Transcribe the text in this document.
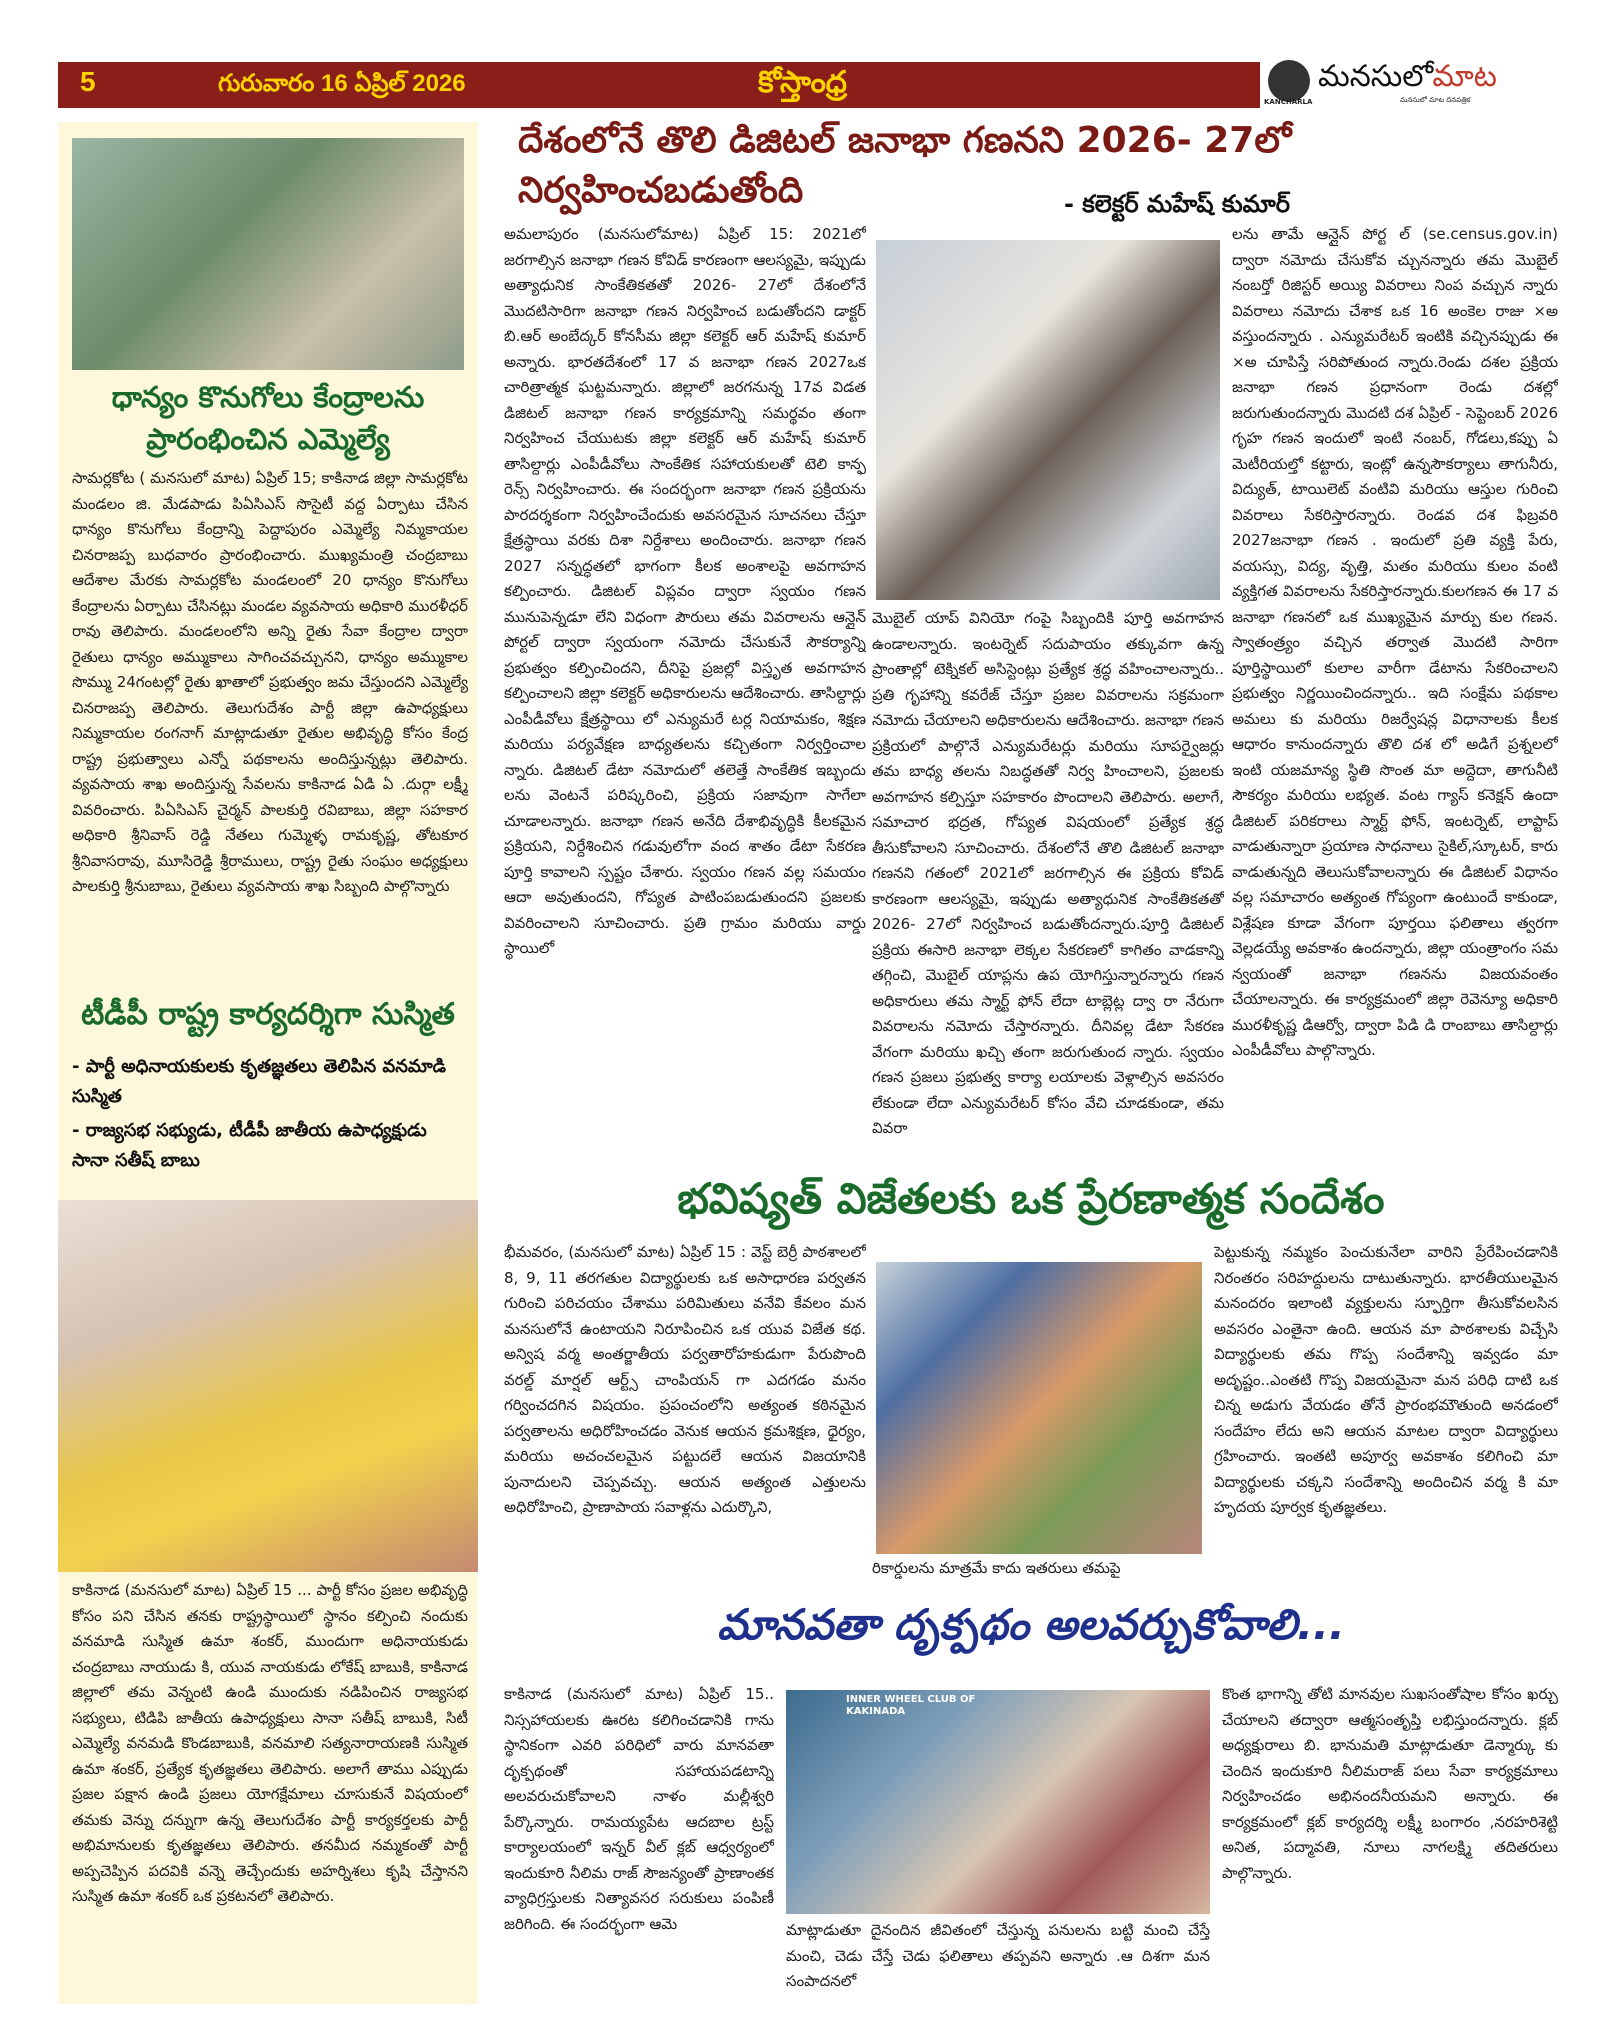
5	గురువారం 16 ఏప్రిల్ 2026	కోస్తాంధ్ర
KANCHARLA
మనసులోమాట
మనసులో మాట దినపత్రిక
ధాన్యం కొనుగోలు కేంద్రాలను
ప్రారంభించిన ఎమ్మెల్యే
సామర్లకోట ( మనసులో మాట) ఏప్రిల్ 15; కాకినాడ జిల్లా సామర్లకోట మండలం జి. మేడపాడు పిఏసిఎస్ సొసైటీ వద్ద ఏర్పాటు చేసిన ధాన్యం కొనుగోలు కేంద్రాన్ని పెద్దాపురం ఎమ్మెల్యే నిమ్మకాయల చినరాజప్ప బుధవారం ప్రారంభించారు. ముఖ్యమంత్రి చంద్రబాబు ఆదేశాల మేరకు సామర్లకోట మండలంలో 20 ధాన్యం కొనుగోలు కేంద్రాలను ఏర్పాటు చేసినట్లు మండల వ్యవసాయ అధికారి మురళీధర్ రావు తెలిపారు. మండలంలోని అన్ని రైతు సేవా కేంద్రాల ద్వారా రైతులు ధాన్యం అమ్ముకాలు సాగించవచ్చునని, ధాన్యం అమ్ముకాల సొమ్ము 24గంటల్లో రైతు ఖాతాలో ప్రభుత్వం జమ చేస్తుందని ఎమ్మెల్యే చినరాజప్ప తెలిపారు. తెలుగుదేశం పార్టీ జిల్లా ఉపాధ్యక్షులు నిమ్మకాయల రంగనాగ్ మాట్లాడుతూ రైతుల అభివృద్ధి కోసం కేంద్ర రాష్ట్ర ప్రభుత్వాలు ఎన్నో పథకాలను అందిస్తున్నట్లు తెలిపారు. వ్యవసాయ శాఖ అందిస్తున్న సేవలను కాకినాడ ఏడి ఏ .దుర్గా లక్ష్మీ వివరించారు. పిఏసిఎస్ చైర్మన్ పాలకుర్తి రవిబాబు, జిల్లా సహకార అధికారి శ్రీనివాస్ రెడ్డి నేతలు గుమ్మెళ్ళ రామకృష్ణ, తోటకూర శ్రీనివాసరావు, మూసిరెడ్డి శ్రీరాములు, రాష్ట్ర రైతు సంఘం అధ్యక్షులు పాలకుర్తి శ్రీనుబాబు, రైతులు వ్యవసాయ శాఖ సిబ్బంది పాల్గొన్నారు
టీడీపీ రాష్ట్ర కార్యదర్శిగా సుస్మిత
- పార్టీ అధినాయకులకు కృతజ్ఞతలు తెలిపిన వనమాడి సుస్మిత
- రాజ్యసభ సభ్యుడు, టీడీపీ జాతీయ ఉపాధ్యక్షుడు సానా సతీష్ బాబు
కాకినాడ (మనసులో మాట) ఏప్రిల్ 15 ... పార్టీ కోసం ప్రజల అభివృద్ధి కోసం పని చేసిన తనకు రాష్ట్రస్థాయిలో స్థానం కల్పించి నందుకు వనమాడి సుస్మిత ఉమా శంకర్, ముందుగా అధినాయకుడు చంద్రబాబు నాయుడు కి, యువ నాయకుడు లోకేష్ బాబుకి, కాకినాడ జిల్లాలో తమ వెన్నంటి ఉండి ముందుకు నడిపించిన రాజ్యసభ సభ్యులు, టిడిపి జాతీయ ఉపాధ్యక్షులు సానా సతీష్ బాబుకి, సిటీ ఎమ్మెల్యే వనమడి కొండబాబుకి, వనమాలి సత్యనారాయణకి సుస్మిత ఉమా శంకర్, ప్రత్యేక కృతజ్ఞతలు తెలిపారు. అలాగే తాము ఎప్పుడు ప్రజల పక్షాన ఉండి ప్రజలు యోగక్షేమాలు చూసుకునే విషయంలో తమకు వెన్ను దన్నుగా ఉన్న తెలుగుదేశం పార్టీ కార్యకర్తలకు పార్టీ అభిమానులకు కృతజ్ఞతలు తెలిపారు. తనమీద నమ్మకంతో పార్టీ అప్పచెప్పిన పదవికి వన్నె తెచ్చేందుకు అహర్నిశలు కృషి చేస్తానని సుస్మిత ఉమా శంకర్ ఒక ప్రకటనలో తెలిపారు.
దేశంలోనే తొలి డిజిటల్ జనాభా గణనని 2026- 27లో నిర్వహించబడుతోంది	- కలెక్టర్ మహేష్ కుమార్
అమలాపురం (మనసులోమాట) ఏప్రిల్ 15: 2021లో జరగాల్సిన జనాభా గణన కోవిడ్ కారణంగా ఆలస్యమై, ఇప్పుడు అత్యాధునిక సాంకేతికతతో 2026- 27లో దేశంలోనే మొదటిసారిగా జనాభా గణన నిర్వహించ బడుతోందని డాక్టర్ బి.ఆర్ అంబేద్కర్ కోనసీమ జిల్లా కలెక్టర్ ఆర్ మహేష్ కుమార్ అన్నారు. భారతదేశంలో 17 వ జనాభా గణన 2027ఒక చారిత్రాత్మక ఘట్టమన్నారు. జిల్లాలో జరగనున్న 17వ విడత డిజిటల్ జనాభా గణన కార్యక్రమాన్ని సమర్థవం తంగా నిర్వహించ చేయుటకు జిల్లా కలెక్టర్ ఆర్ మహేష్ కుమార్ తాసిల్దార్లు ఎంపీడీవోలు సాంకేతిక సహాయకులతో టెలి కాన్ఫ రెన్స్ నిర్వహించారు. ఈ సందర్భంగా జనాభా గణన ప్రక్రియను పారదర్శకంగా నిర్వహించేందుకు అవసరమైన సూచనలు చేస్తూ క్షేత్రస్థాయి వరకు దిశా నిర్దేశాలు అందించారు. జనాభా గణన 2027 సన్నద్ధతలో భాగంగా కీలక అంశాలపై అవగాహన కల్పించారు. డిజిటల్ విప్లవం ద్వారా స్వయం గణన మునుపెన్నడూ లేని విధంగా పౌరులు తమ వివరాలను ఆన్లైన్ పోర్టల్ ద్వారా స్వయంగా నమోదు చేసుకునే సౌకర్యాన్ని ప్రభుత్వం కల్పించిందని, దీనిపై ప్రజల్లో విస్తృత అవగాహన కల్పించాలని జిల్లా కలెక్టర్ అధికారులను ఆదేశించారు. తాసిల్దార్లు ఎంపీడీవోలు క్షేత్రస్థాయి లో ఎన్యుమరే టర్ల నియామకం, శిక్షణ మరియు పర్యవేక్షణ బాధ్యతలను కచ్చితంగా నిర్వర్తించాల న్నారు. డిజిటల్ డేటా నమోదులో తలెత్తే సాంకేతిక ఇబ్బందు లను వెంటనే పరిష్కరించి, ప్రక్రియ సజావుగా సాగేలా చూడాలన్నారు. జనాభా గణన అనేది దేశాభివృద్ధికి కీలకమైన ప్రక్రియని, నిర్దేశించిన గడువులోగా వంద శాతం డేటా సేకరణ పూర్తి కావాలని స్పష్టం చేశారు. స్వయం గణన వల్ల సమయం ఆదా అవుతుందని, గోప్యత పాటింపబడుతుందని ప్రజలకు వివరించాలని సూచించారు. ప్రతి గ్రామం మరియు వార్డు స్థాయిలో
మొబైల్ యాప్ వినియో గంపై సిబ్బందికి పూర్తి అవగాహన ఉండాలన్నారు. ఇంటర్నెట్ సదుపాయం తక్కువగా ఉన్న ప్రాంతాల్లో టెక్నికల్ అసిస్టెంట్లు ప్రత్యేక శ్రద్ధ వహించాలన్నారు.. ప్రతి గృహాన్ని కవరేజ్ చేస్తూ ప్రజల వివరాలను సక్రమంగా నమోదు చేయాలని అధికారులను ఆదేశించారు. జనాభా గణన ప్రక్రియలో పాల్గొనే ఎన్యుమరేటర్లు మరియు సూపర్వైజర్లు తమ బాధ్య తలను నిబద్ధతతో నిర్వ హించాలని, ప్రజలకు అవగాహన కల్పిస్తూ సహకారం పొందాలని తెలిపారు. అలాగే, సమాచార భద్రత, గోప్యత విషయంలో ప్రత్యేక శ్రద్ధ తీసుకోవాలని సూచించారు. దేశంలోనే తొలి డిజిటల్ జనాభా గణనని గతంలో 2021లో జరగాల్సిన ఈ ప్రక్రియ కోవిడ్ కారణంగా ఆలస్యమై, ఇప్పుడు అత్యాధునిక సాంకేతికతతో 2026- 27లో నిర్వహించ బడుతోందన్నారు.పూర్తి డిజిటల్ ప్రక్రియ ఈసారి జనాభా లెక్కల సేకరణలో కాగితం వాడకాన్ని తగ్గించి, మొబైల్ యాప్లను ఉప యోగిస్తున్నారన్నారు గణన అధికారులు తమ స్మార్ట్ ఫోన్ లేదా టాబ్లెట్ల ద్వా రా నేరుగా వివరాలను నమోదు చేస్తారన్నారు. దీనివల్ల డేటా సేకరణ వేగంగా మరియు ఖచ్చి తంగా జరుగుతుంద న్నారు. స్వయం గణన ప్రజలు ప్రభుత్వ కార్యా లయాలకు వెళ్లాల్సిన అవసరం లేకుండా లేదా ఎన్యుమరేటర్ కోసం వేచి చూడకుండా, తమ వివరా
లను తామే ఆన్లైన్ పోర్ట ల్ (se.census.gov.in) ద్వారా నమోదు చేసుకోవ చ్చునన్నారు తమ మొబైల్ నంబర్తో రిజిస్టర్ అయ్యి వివరాలు నింప వచ్చున న్నారు వివరాలు నమోదు చేశాక ఒక 16 అంకెల రాజు ×అ వస్తుందన్నారు . ఎన్యుమరేటర్ ఇంటికి వచ్చినప్పుడు ఈ ×అ చూపిస్తే సరిపోతుంద న్నారు.రెండు దశల ప్రక్రియ జనాభా గణన ప్రధానంగా రెండు దశల్లో జరుగుతుందన్నారు మొదటి దశ ఏప్రిల్ - సెప్టెంబర్ 2026 గృహ గణన ఇందులో ఇంటి నంబర్, గోడలు,కప్పు ఏ మెటీరియల్తో కట్టారు, ఇంట్లో ఉన్నసౌకర్యాలు తాగునీరు, విద్యుత్, టాయిలెట్ వంటివి మరియు ఆస్తుల గురించి వివరాలు సేకరిస్తారన్నారు. రెండవ దశ ఫిబ్రవరి 2027జనాభా గణన . ఇందులో ప్రతి వ్యక్తి పేరు, వయస్సు, విద్య, వృత్తి, మతం మరియు కులం వంటి వ్యక్తిగత వివరాలను సేకరిస్తారన్నారు.కులగణన ఈ 17 వ జనాభా గణనలో ఒక ముఖ్యమైన మార్పు కుల గణన. స్వాతంత్ర్యం వచ్చిన తర్వాత మొదటి సారిగా పూర్తిస్థాయిలో కులాల వారీగా డేటాను సేకరించాలని ప్రభుత్వం నిర్ణయించిందన్నారు.. ఇది సంక్షేమ పథకాల అమలు కు మరియు రిజర్వేషన్ల విధానాలకు కీలక ఆధారం కానుందన్నారు తొలి దశ లో అడిగే ప్రశ్నలలో ఇంటి యజమాన్య స్థితి సొంత మా అద్దెదా, తాగునీటి సౌకర్యం మరియు లభ్యత. వంట గ్యాస్ కనెక్షన్ ఉందా డిజిటల్ పరికరాలు స్మార్ట్ ఫోన్, ఇంటర్నెట్, లాప్టాప్ వాడుతున్నారా ప్రయాణ సాధనాలు సైకిల్,స్కూటర్, కారు వాడుతున్నది తెలుసుకోవాలన్నారు ఈ డిజిటల్ విధానం వల్ల సమాచారం అత్యంత గోప్యంగా ఉంటుందే కాకుండా, విశ్లేషణ కూడా వేగంగా పూర్తయి ఫలితాలు త్వరగా వెల్లడయ్యే అవకాశం ఉందన్నారు, జిల్లా యంత్రాంగం సమ న్వయంతో జనాభా గణనను విజయవంతం చేయాలన్నారు. ఈ కార్యక్రమంలో జిల్లా రెవెన్యూ అధికారి మురళీకృష్ణ డిఆర్వో, ద్వారా పిడి డి రాంబాబు తాసిల్దార్లు ఎంపీడీవోలు పాల్గొన్నారు.
భవిష్యత్ విజేతలకు ఒక ప్రేరణాత్మక సందేశం
భీమవరం, (మనసులో మాట) ఏప్రిల్ 15 : వెస్ట్ బెర్రీ పాఠశాలలో 8, 9, 11 తరగతుల విద్యార్థులకు ఒక అసాధారణ పర్వతన గురించి పరిచయం చేశాము పరిమితులు వనేవి కేవలం మన మనసులోనే ఉంటాయని నిరూపించిన ఒక యువ విజేత కథ. అన్విష వర్మ అంతర్జాతీయ పర్వతారోహకుడుగా పేరుపొంది వరల్డ్ మార్షల్ ఆర్ట్స్ చాంపియన్ గా ఎదగడం మనం గర్వించదగిన విషయం. ప్రపంచంలోని అత్యంత కఠినమైన పర్వతాలను అధిరోహించడం వెనుక ఆయన క్రమశిక్షణ, ధైర్యం, మరియు అచంచలమైన పట్టుదలే ఆయన విజయానికి పునాదులని చెప్పవచ్చు. ఆయన అత్యంత ఎత్తులను అధిరోహించి, ప్రాణాపాయ సవాళ్లను ఎదుర్కొని,
రికార్డులను మాత్రమే కాదు ఇతరులు తమపై
పెట్టుకున్న నమ్మకం పెంచుకునేలా వారిని ప్రేరేపించడానికి నిరంతరం సరిహద్దులను దాటుతున్నారు. భారతీయులమైన మనందరం ఇలాంటి వ్యక్తులను స్ఫూర్తిగా తీసుకోవలసిన అవసరం ఎంతైనా ఉంది. ఆయన మా పాఠశాలకు విచ్చేసి విద్యార్థులకు తమ గొప్ప సందేశాన్ని ఇవ్వడం మా అదృష్టం..ఎంతటి గొప్ప విజయమైనా మన పరిధి దాటి ఒక చిన్న అడుగు వేయడం తోనే ప్రారంభమౌతుంది అనడంలో సందేహం లేదు అని ఆయన మాటల ద్వారా విద్యార్థులు గ్రహించారు. ఇంతటి అపూర్వ అవకాశం కలిగించి మా విద్యార్థులకు చక్కని సందేశాన్ని అందించిన వర్మ కి మా హృదయ పూర్వక కృతజ్ఞతలు.
మానవతా దృక్పథం అలవర్చుకోవాలి...
కాకినాడ (మనసులో మాట) ఏప్రిల్ 15.. నిస్సహాయలకు ఊరట కలిగించడానికి గాను స్థానికంగా ఎవరి పరిధిలో వారు మానవతా దృక్పథంతో సహాయపడటాన్ని అలవరుచుకోవాలని నాళం మల్లీశ్వరి పేర్కొన్నారు. రామయ్యపేట ఆదబాల ట్రస్ట్ కార్యాలయంలో ఇన్నర్ వీల్ క్లబ్ ఆధ్వర్యంలో ఇందుకూరి నీలిమ రాజ్ సౌజన్యంతో ప్రాణాంతక వ్యాధిగ్రస్తులకు నిత్యావసర సరుకులు పంపిణీ జరిగింది. ఈ సందర్భంగా ఆమె
INNER WHEEL CLUB OF KAKINADA
మాట్లాడుతూ దైనందిన జీవితంలో చేస్తున్న పనులను బట్టి మంచి చేస్తే మంచి, చెడు చేస్తే చెడు ఫలితాలు తప్పవని అన్నారు .ఆ దిశగా మన సంపాదనలో
కొంత భాగాన్ని తోటి మానవుల సుఖసంతోషాల కోసం ఖర్చు చేయాలని తద్వారా ఆత్మసంతృప్తి లభిస్తుందన్నారు. క్లబ్ అధ్యక్షురాలు బి. భానుమతి మాట్లాడుతూ డెన్మార్కు కు చెందిన ఇందుకూరి నీలిమరాజ్ పలు సేవా కార్యక్రమాలు నిర్వహించడం అభినందనీయమని అన్నారు. ఈ కార్యక్రమంలో క్లబ్ కార్యదర్శి లక్ష్మీ బంగారం ,నరహరిశెట్టి అనిత, పద్మావతి, నూలు నాగలక్ష్మి తదితరులు పాల్గొన్నారు.
